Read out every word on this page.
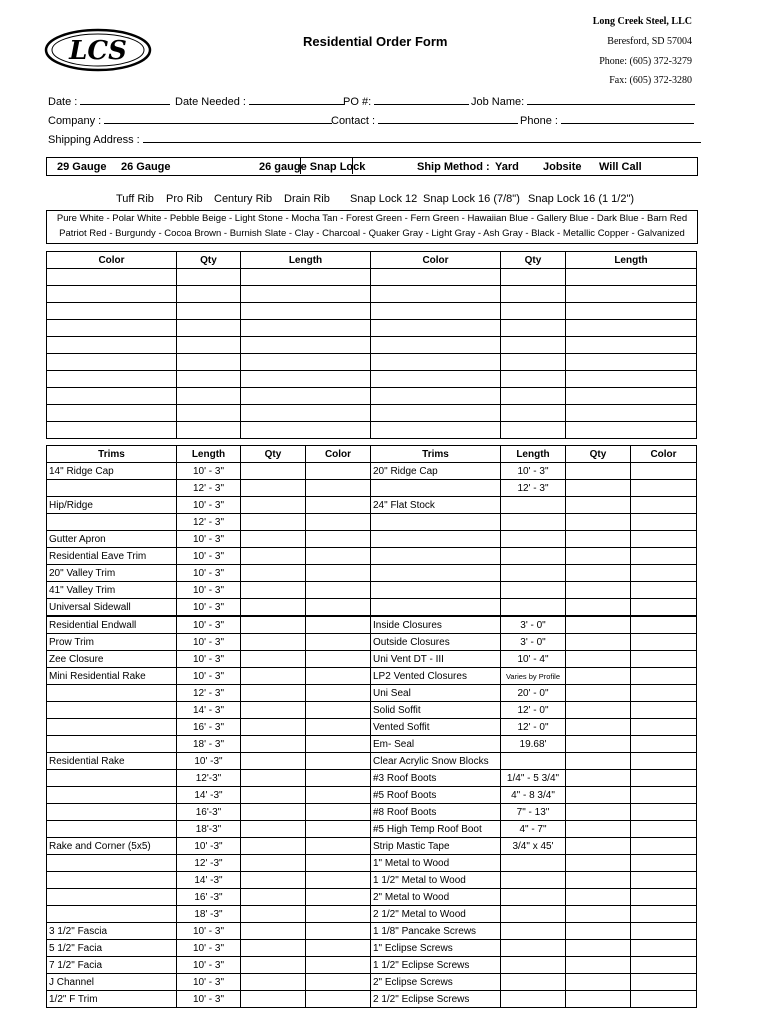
LCS	Residential Order Form
Long Creek Steel, LLC
Beresford, SD 57004
Phone: (605) 372-3279
Fax: (605) 372-3280
Date :	Date Needed :	PO #:	Job Name:
Company :	Contact :	Phone :
Shipping Address :
29 Gauge 26 Gauge	26 gauge Snap Lock	Ship Method : Yard Jobsite Will Call
Tuff Rib Pro Rib Century Rib Drain Rib Snap Lock 12 Snap Lock 16 (7/8") Snap Lock 16 (1 1/2")
Pure White - Polar White - Pebble Beige - Light Stone - Mocha Tan - Forest Green - Fern Green - Hawaiian Blue - Gallery Blue - Dark Blue - Barn Red
Patriot Red - Burgundy - Cocoa Brown - Burnish Slate - Clay - Charcoal - Quaker Gray - Light Gray - Ash Gray - Black - Metallic Copper - Galvanized
Color	Qty	Length	Color	Qty	Length

Trims	Length	Qty	Color	Trims	Length	Qty	Color
14" Ridge Cap	10' - 3"			20" Ridge Cap	10' - 3"		
	12' - 3"				12' - 3"		
Hip/Ridge	10' - 3"			24" Flat Stock			
	12' - 3"						
Gutter Apron	10' - 3"						
Residential Eave Trim	10' - 3"						
20" Valley Trim	10' - 3"						
41" Valley Trim	10' - 3"						
Universal Sidewall	10' - 3"						
Residential Endwall	10' - 3"			Inside Closures	3' - 0"		
Prow Trim	10' - 3"			Outside Closures	3' - 0"		
Zee Closure	10' - 3"			Uni Vent DT - III	10' - 4"		
Mini Residential Rake	10' - 3"			LP2 Vented Closures	Varies by Profile		
	12' - 3"			Uni Seal	20' - 0"		
	14' - 3"			Solid Soffit	12' - 0"		
	16' - 3"			Vented Soffit	12' - 0"		
	18' - 3"			Em- Seal	19.68'		
Residential Rake	10' -3"			Clear Acrylic Snow Blocks			
	12'-3"			#3 Roof Boots	1/4" - 5 3/4"		
	14' -3"			#5 Roof Boots	4" - 8 3/4"		
	16'-3"			#8 Roof Boots	7" - 13"		
	18'-3"			#5 High Temp Roof Boot	4" - 7"		
Rake and Corner (5x5)	10' -3"			Strip Mastic Tape	3/4" x 45'		
	12' -3"			1" Metal to Wood			
	14' -3"			1 1/2" Metal to Wood			
	16' -3"			2" Metal to Wood			
	18' -3"			2 1/2" Metal to Wood			
3 1/2" Fascia	10' - 3"			1 1/8" Pancake Screws			
5 1/2" Facia	10' - 3"			1" Eclipse Screws			
7 1/2" Facia	10' - 3"			1 1/2" Eclipse Screws			
J Channel	10' - 3"			2" Eclipse Screws			
1/2" F Trim	10' - 3"			2 1/2" Eclipse Screws			
